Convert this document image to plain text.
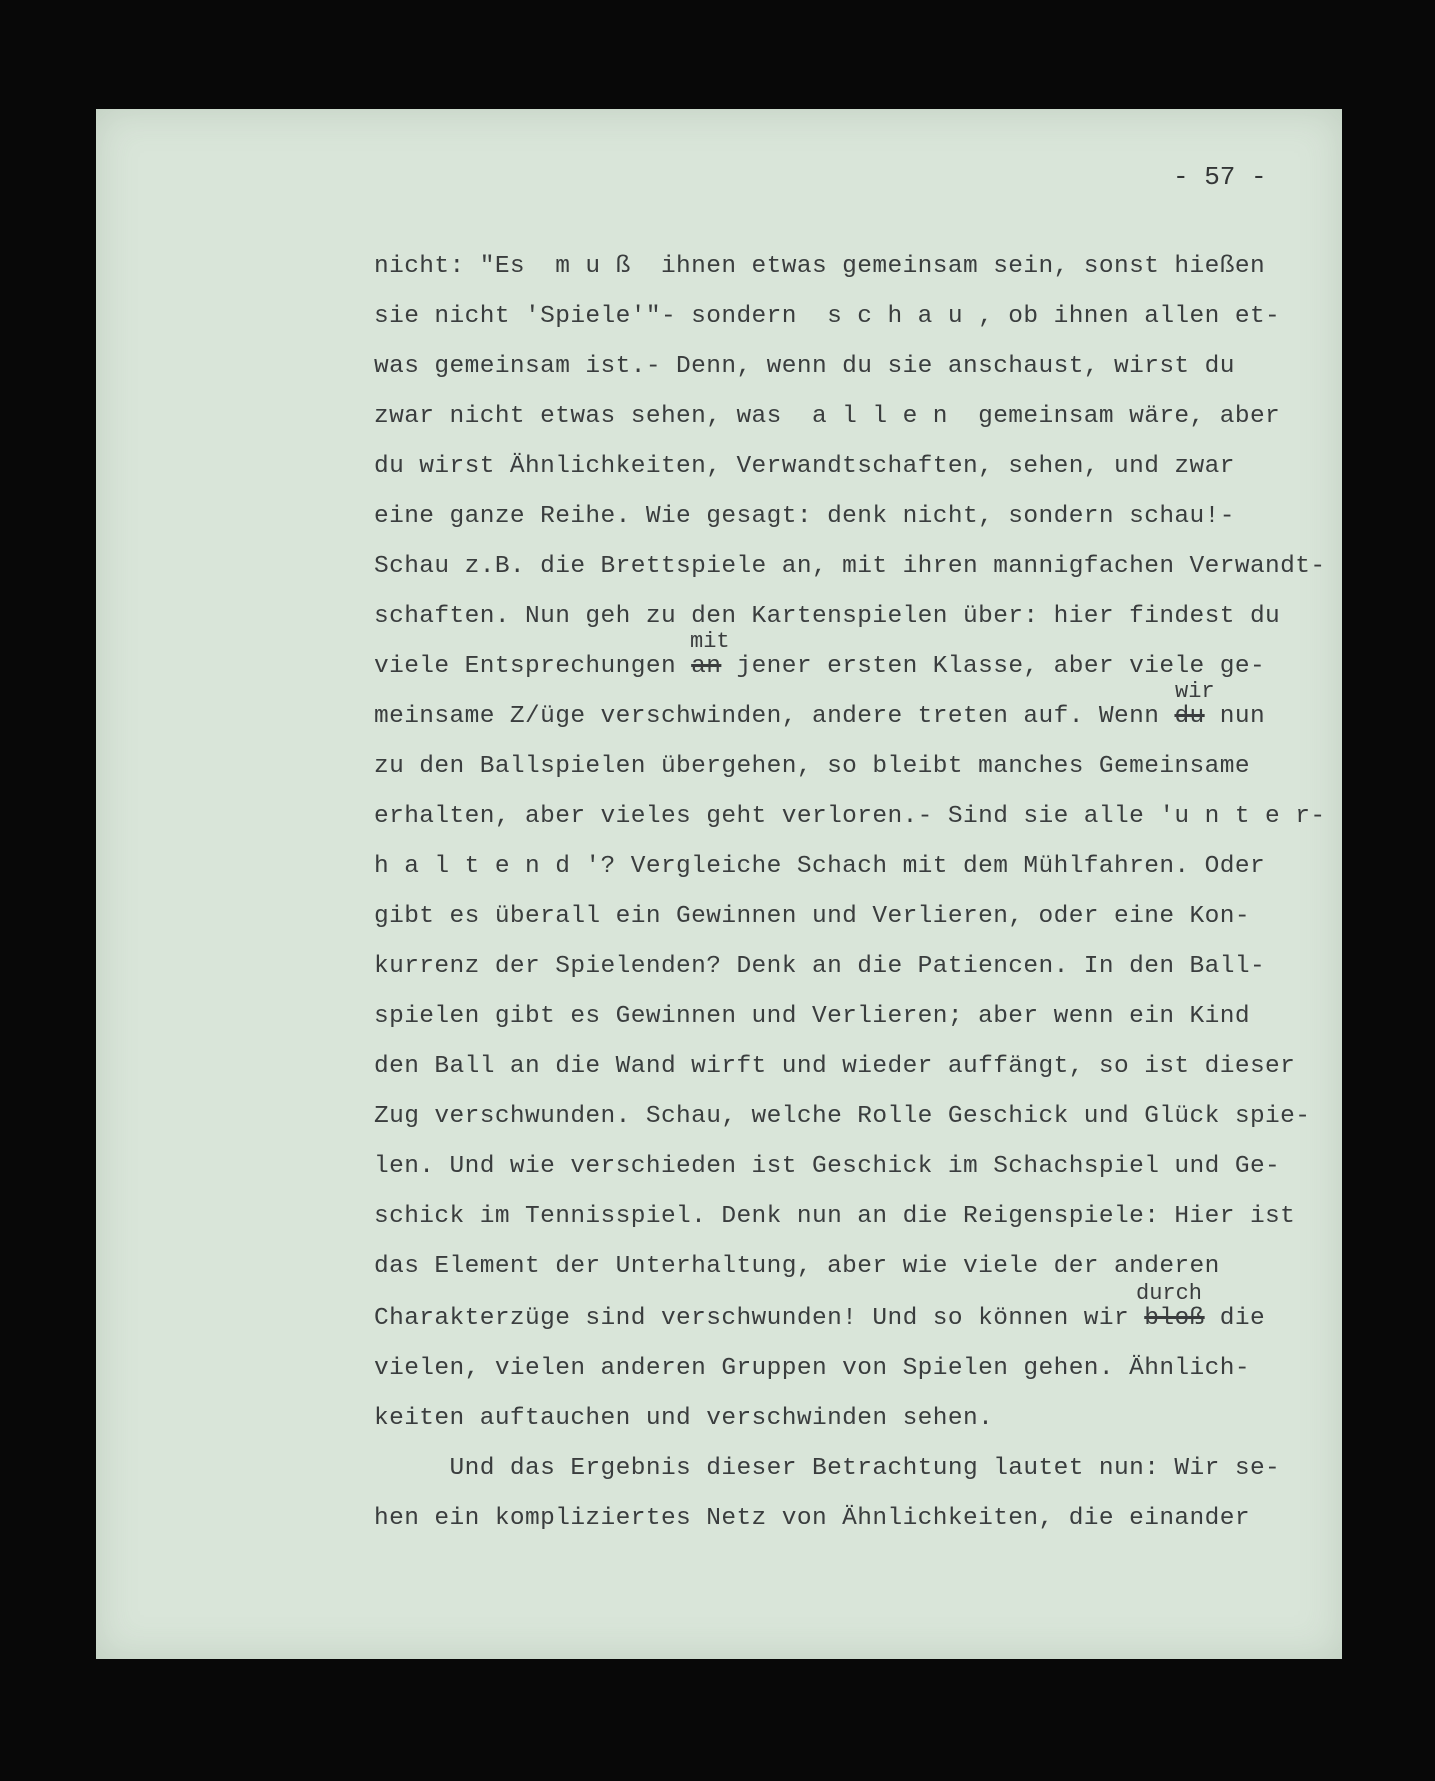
- 57 -
nicht: "Es  m u ß  ihnen etwas gemeinsam sein, sonst hießen
sie nicht 'Spiele'"- sondern  s c h a u , ob ihnen allen et-
was gemeinsam ist.- Denn, wenn du sie anschaust, wirst du
zwar nicht etwas sehen, was  a l l e n  gemeinsam wäre, aber
du wirst Ähnlichkeiten, Verwandtschaften, sehen, und zwar
eine ganze Reihe. Wie gesagt: denk nicht, sondern schau!-
Schau z.B. die Brettspiele an, mit ihren mannigfachen Verwandt-
schaften. Nun geh zu den Kartenspielen über: hier findest du
mit
viele Entsprechungen an jener ersten Klasse, aber viele ge-
wir
meinsame Z/üge verschwinden, andere treten auf. Wenn du nun
zu den Ballspielen übergehen, so bleibt manches Gemeinsame
erhalten, aber vieles geht verloren.- Sind sie alle 'u n t e r-
h a l t e n d '? Vergleiche Schach mit dem Mühlfahren. Oder
gibt es überall ein Gewinnen und Verlieren, oder eine Kon-
kurrenz der Spielenden? Denk an die Patiencen. In den Ball-
spielen gibt es Gewinnen und Verlieren; aber wenn ein Kind
den Ball an die Wand wirft und wieder auffängt, so ist dieser
Zug verschwunden. Schau, welche Rolle Geschick und Glück spie-
len. Und wie verschieden ist Geschick im Schachspiel und Ge-
schick im Tennisspiel. Denk nun an die Reigenspiele: Hier ist
das Element der Unterhaltung, aber wie viele der anderen
durch
Charakterzüge sind verschwunden! Und so können wir bloß die
vielen, vielen anderen Gruppen von Spielen gehen. Ähnlich-
keiten auftauchen und verschwinden sehen.
Und das Ergebnis dieser Betrachtung lautet nun: Wir se-
hen ein kompliziertes Netz von Ähnlichkeiten, die einander
